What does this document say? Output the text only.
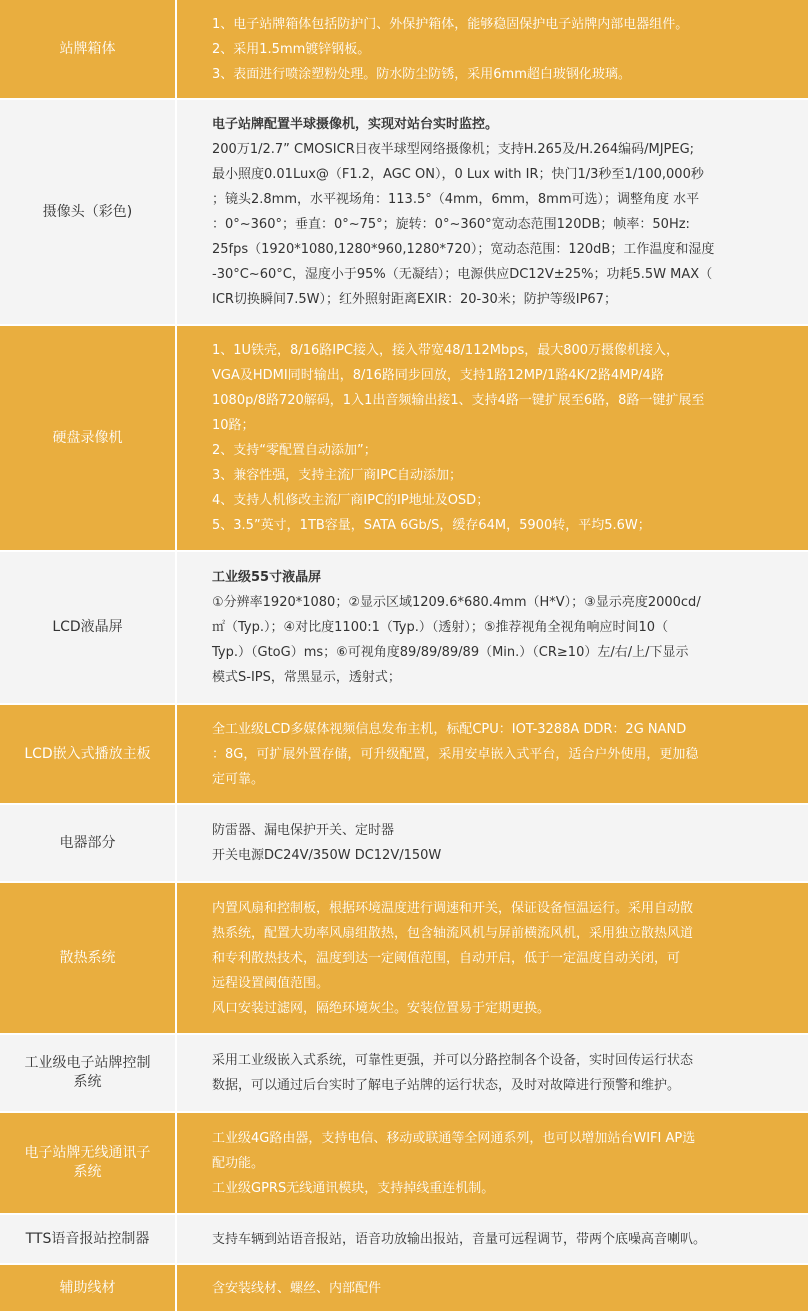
站牌箱体
1、电子站牌箱体包括防护门、外保护箱体，能够稳固保护电子站牌内部电器组件。
2、采用1.5mm镀锌钢板。
3、表面进行喷涂塑粉处理。防水防尘防锈，采用6mm超白玻钢化玻璃。
摄像头（彩色)
电子站牌配置半球摄像机，实现对站台实时监控。
200万1/2.7” CMOSICR日夜半球型网络摄像机；支持H.265及/H.264编码/MJPEG;
最小照度0.01Lux@（F1.2，AGC ON），0 Lux with IR；快门1/3秒至1/100,000秒
；镜头2.8mm，水平视场角：113.5°（4mm，6mm，8mm可选）；调整角度 水平
：0°~360°；垂直：0°~75°；旋转：0°~360°宽动态范围120DB；帧率：50Hz:
25fps（1920*1080,1280*960,1280*720）；宽动态范围：120dB；工作温度和湿度
-30°C~60°C，湿度小于95%（无凝结）；电源供应DC12V±25%；功耗5.5W MAX（
ICR切换瞬间7.5W）；红外照射距离EXIR：20-30米；防护等级IP67；
硬盘录像机
1、1U铁壳，8/16路IPC接入，接入带宽48/112Mbps，最大800万摄像机接入，
VGA及HDMI同时输出，8/16路同步回放，支持1路12MP/1路4K/2路4MP/4路
1080p/8路720解码，1入1出音频输出接1、支持4路一键扩展至6路，8路一键扩展至
10路；
2、支持“零配置自动添加”；
3、兼容性强，支持主流厂商IPC自动添加；
4、支持人机修改主流厂商IPC的IP地址及OSD；
5、3.5”英寸，1TB容量，SATA 6Gb/S，缓存64M，5900转，平均5.6W；
LCD液晶屏
工业级55寸液晶屏
①分辨率1920*1080；②显示区域1209.6*680.4mm（H*V）；③显示亮度2000cd/
㎡（Typ.）；④对比度1100:1（Typ.）（透射）；⑤推荐视角全视角响应时间10（
Typ.）（GtoG）ms；⑥可视角度89/89/89/89（Min.）（CR≥10）左/右/上/下显示
模式S-IPS，常黑显示，透射式；
LCD嵌入式播放主板
全工业级LCD多媒体视频信息发布主机，标配CPU：IOT-3288A DDR：2G NAND
：8G，可扩展外置存储，可升级配置，采用安卓嵌入式平台，适合户外使用，更加稳
定可靠。
电器部分
防雷器、漏电保护开关、定时器
开关电源DC24V/350W DC12V/150W
散热系统
内置风扇和控制板，根据环境温度进行调速和开关，保证设备恒温运行。采用自动散
热系统，配置大功率风扇组散热，包含轴流风机与屏前横流风机，采用独立散热风道
和专利散热技术，温度到达一定阈值范围，自动开启，低于一定温度自动关闭，可
远程设置阈值范围。
风口安装过滤网，隔绝环境灰尘。安装位置易于定期更换。
工业级电子站牌控制系统
采用工业级嵌入式系统，可靠性更强，并可以分路控制各个设备，实时回传运行状态
数据，可以通过后台实时了解电子站牌的运行状态，及时对故障进行预警和维护。
电子站牌无线通讯子系统
工业级4G路由器，支持电信、移动或联通等全网通系列，也可以增加站台WIFI AP选
配功能。
工业级GPRS无线通讯模块，支持掉线重连机制。
TTS语音报站控制器	支持车辆到站语音报站，语音功放输出报站，音量可远程调节，带两个底噪高音喇叭。
辅助线材	含安装线材、螺丝、内部配件
